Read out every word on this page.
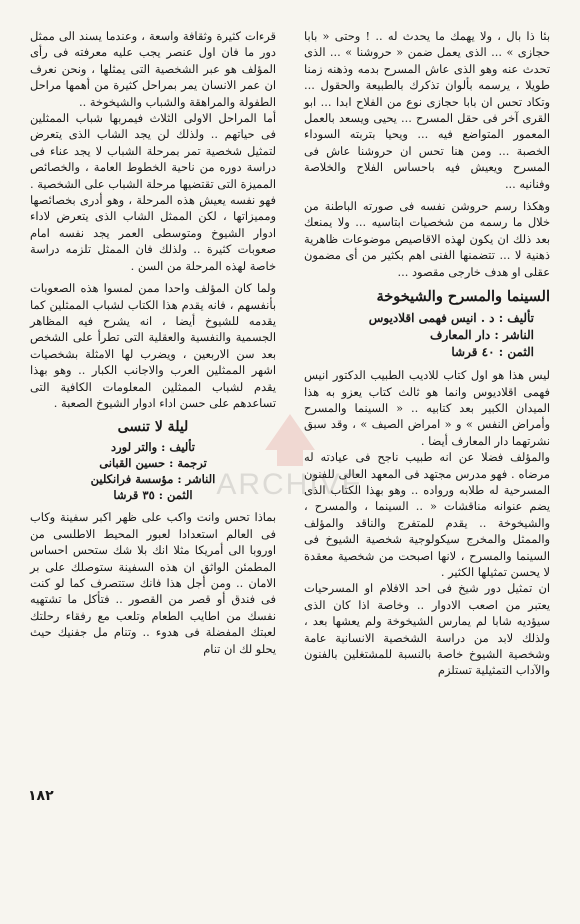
بئا ذا بال ، ولا يهمك ما يحدث له .. ! وحتى « بابا حجازى » ... الذى يعمل ضمن « حروشنا » ... الذى تحدث عنه وهو الذى عاش المسرح بدمه وذهنه زمنا طويلا ، يرسمه بألوان تذكرك بالطبيعة والحقول ... وتكاد تحس ان بابا حجازى نوع من الفلاح ابدا ... ابو القرى آخر فى حقل المسرح ... يحيى ويسعد بالعمل المعمور المتواضع فيه ... ويحيا بتربته السوداء الخصبة ... ومن هنا تحس ان حروشنا عاش فى المسرح ويعيش فيه باحساس الفلاح والخلاصة وفنانيه ...

وهكذا رسم حروشن نفسه فى صورته الباطنة من خلال ما رسمه من شخصيات ابتاسيه ... ولا يمنعك بعد ذلك ان يكون لهذه الاقاصيص موضوعات ظاهرية ذهنية لا ... تتضمنها الفنى اهم بكثير من أى مضمون عقلى او هدف خارجى مقصود ...

السينما والمسرح والشيخوخة

تأليف : د . انيس فهمى اقلاديوس

الناشر : دار المعارف

الثمن : ٤٠ قرشا

ليس هذا هو اول كتاب للاديب الطبيب الدكتور انيس فهمى اقلاديوس وانما هو ثالث كتاب يعزو به هذا الميدان الكبير بعد كتابيه .. « السينما والمسرح وأمراض النفس » و « امراض الصيف » ، وقد سبق نشرتهما دار المعارف أيضا .

والمؤلف فضلا عن انه طبيب ناجح فى عيادته له مرضاه . فهو مدرس مجتهد فى المعهد العالى للفنون المسرحية له طلابه ورواده .. وهو بهذا الكتاب الذى يضم عنوانه مناقشات « .. السينما ، والمسرح ، والشيخوخة .. يقدم للمتفرج والناقد والمؤلف والممثل والمخرج سيكولوجية شخصية الشيوخ فى السينما والمسرح ، لانها اصبحت من شخصية معقدة لا يحسن تمثيلها الكثير .

ان تمثيل دور شيخ فى احد الافلام او المسرحيات يعتبر من اصعب الادوار .. وخاصة اذا كان الذى سيؤديه شابا لم يمارس الشيخوخة ولم يعشها بعد ، ولذلك لابد من دراسة الشخصية الانسانية عامة وشخصية الشيوخ خاصة بالنسبة للمشتغلين بالفنون والآداب التمثيلية تستلزم

قرءات كثيرة وثقافة واسعة ، وعندما يسند الى ممثل دور ما فان اول عنصر يجب عليه معرفته فى رأى المؤلف هو عبر الشخصية التى يمثلها ، ونحن نعرف ان عمر الانسان يمر بمراحل كثيرة من أهمها مراحل الطفولة والمراهقة والشباب والشيخوخة ..

أما المراحل الاولى الثلاث فيمربها شباب الممثلين فى حياتهم .. ولذلك لن يجد الشاب الذى يتعرض لتمثيل شخصية تمر بمرحلة الشباب لا يجد عناء فى دراسة دوره من ناحية الخطوط العامة ، والخصائص المميزة التى تقتضيها مرحلة الشباب على الشخصية . فهو نفسه يعيش هذه المرحلة ، وهو أدرى بخصائصها ومميزاتها ، لكن الممثل الشاب الذى يتعرض لاداء ادوار الشيوخ ومتوسطى العمر يجد نفسه امام صعوبات كثيرة .. ولذلك فان الممثل تلزمه دراسة خاصة لهذه المرحلة من السن .

ولما كان المؤلف واحدا ممن لمسوا هذه الصعوبات بأنفسهم ، فانه يقدم هذا الكتاب لشباب الممثلين كما يقدمه للشيوخ أيضا ، انه يشرح فيه المظاهر الجسمية والنفسية والعقلية التى تطرأ على الشخص بعد سن الاربعين ، ويضرب لها الامثلة بشخصيات اشهر الممثلين العرب والاجانب الكبار .. وهو بهذا يقدم لشباب الممثلين المعلومات الكافية التى تساعدهم على حسن اداء ادوار الشيوخ الصعبة .

ليلة لا تنسى

تأليف : والتر لورد

ترجمة : حسين القبانى

الناشر : مؤسسة فرانكلين

الثمن : ٣٥ قرشا

بماذا تحس وانت واكب على ظهر اكبر سفينة وكاب فى العالم استعدادا لعبور المحيط الاطلسى من اوروبا الى أمريكا مثلا انك بلا شك ستحس احساس المطمئن الواثق ان هذه السفينة ستوصلك على بر الامان .. ومن أجل هذا فانك ستتصرف كما لو كنت فى فندق أو قصر من القصور .. فتأكل ما تشتهيه نفسك من اطايب الطعام وتلعب مع رفقاء رحلتك لعبتك المفضلة فى هدوء .. وتنام مل جفنيك حيث يحلو لك ان تنام

ARCHIVE
١٨٢
